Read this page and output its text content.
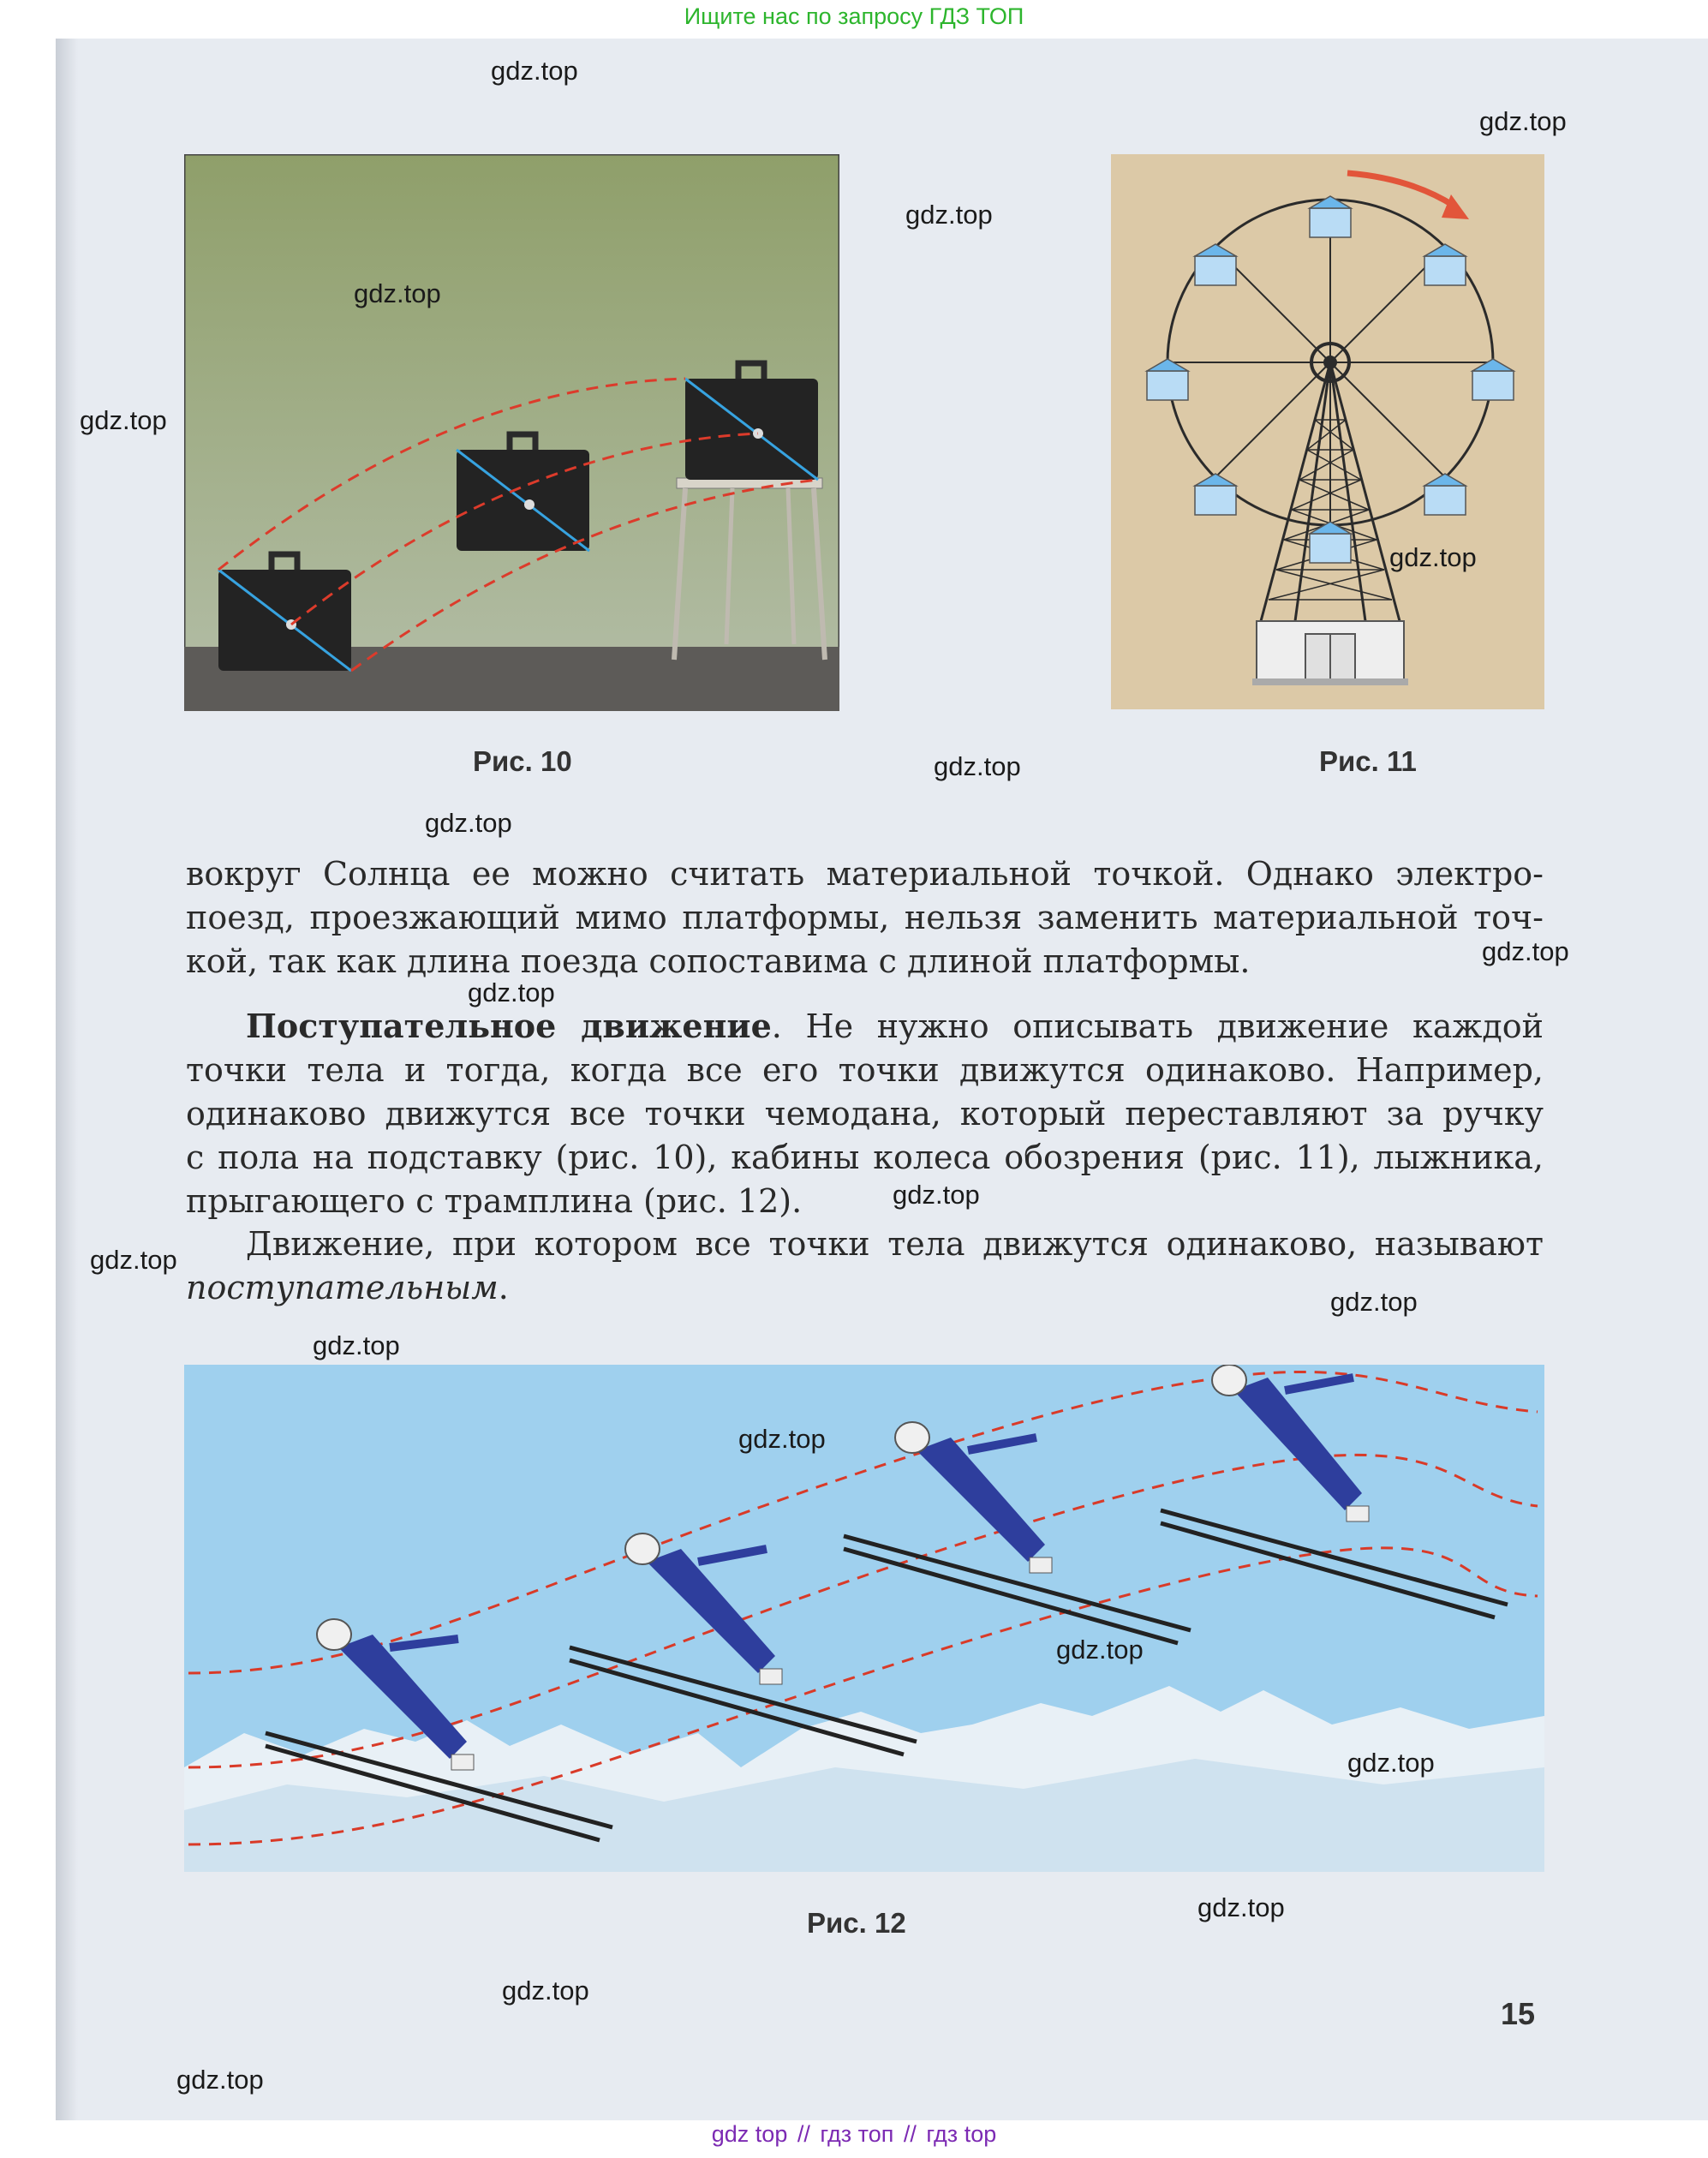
Ищите нас по запросу ГДЗ ТОП
Рис. 10	Рис. 11

вокруг Солнца ее можно считать материальной точкой. Однако электро-

поезд, проезжающий мимо платформы, нельзя заменить материальной точ-

кой, так как длина поезда сопоставима с длиной платформы.

Поступательное движение. Не нужно описывать движение каждой

точки тела и тогда, когда все его точки движутся одинаково. Например,

одинаково движутся все точки чемодана, который переставляют за ручку

с пола на подставку (рис. 10), кабины колеса обозрения (рис. 11), лыжника,

прыгающего с трамплина (рис. 12).

Движение, при котором все точки тела движутся одинаково, называют

поступательным.

Рис. 12
15
gdz.top
gdz.top
gdz.top
gdz.top
gdz.top
gdz.top
gdz.top
gdz.top
gdz.top
gdz.top
gdz.top
gdz.top
gdz.top
gdz.top
gdz.top
gdz.top
gdz.top
gdz.top
gdz.top
gdz.top
gdz top // гдз топ // гдз top
